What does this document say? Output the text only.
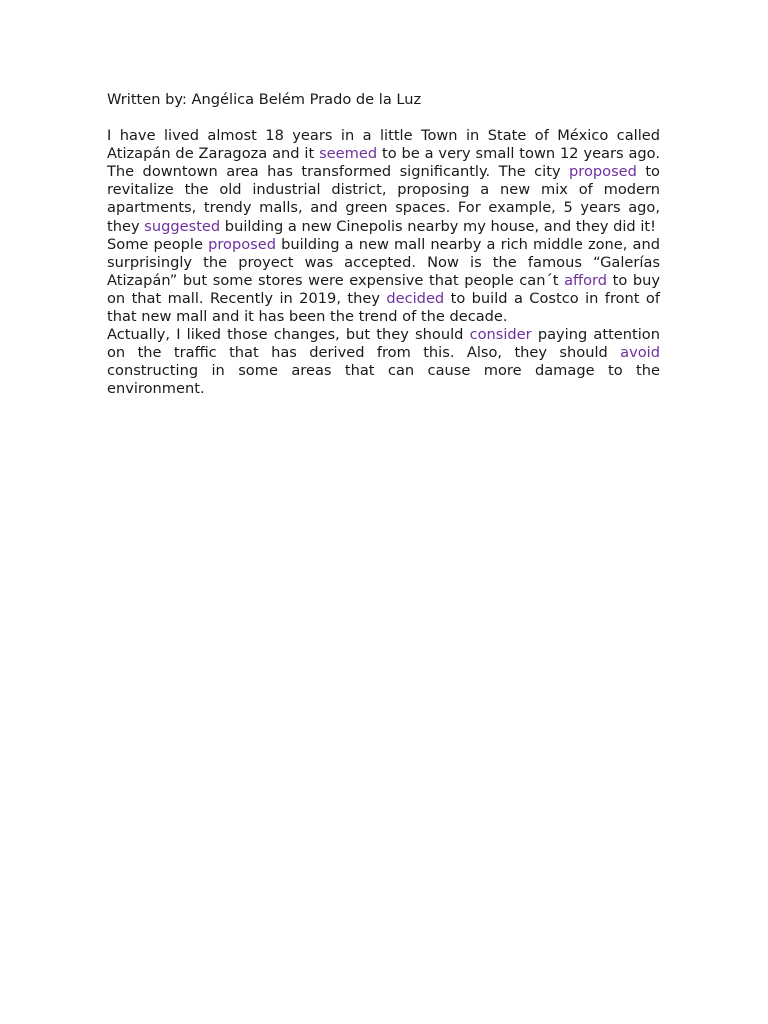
Written by: Angélica Belém Prado de la Luz

I have lived almost 18 years in a little Town in State of México called Atizapán de Zaragoza and it seemed to be a very small town 12 years ago. The downtown area has transformed significantly. The city proposed to revitalize the old industrial district, proposing a new mix of modern apartments, trendy malls, and green spaces. For example, 5 years ago, they suggested building a new Cinepolis nearby my house, and they did it!

Some people proposed building a new mall nearby a rich middle zone, and surprisingly the proyect was accepted. Now is the famous “Galerías Atizapán” but some stores were expensive that people can´t afford to buy on that mall. Recently in 2019, they decided to build a Costco in front of that new mall and it has been the trend of the decade.

Actually, I liked those changes, but they should consider paying attention on the traffic that has derived from this. Also, they should avoid constructing in some areas that can cause more damage to the environment.
